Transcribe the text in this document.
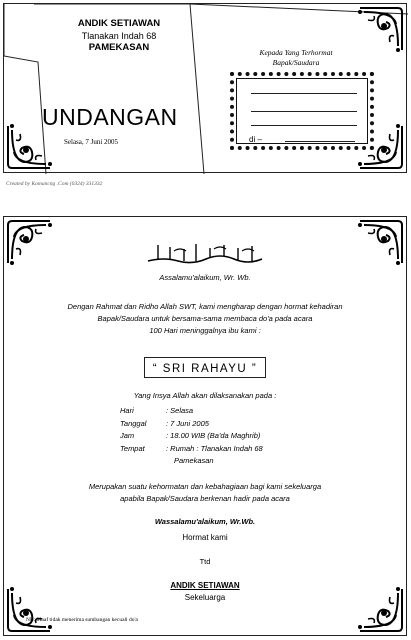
ANDIK SETIAWAN
Tlanakan Indah 68
PAMEKASAN
UNDANGAN
Selasa, 7 Juni 2005
Kepada Yang Terhormat
Bapak/Saudara
di –
Created by Komancng .Com (0324) 331332
Assalamu'alaikum, Wr. Wb.
Dengan Rahmat dan Ridho Allah SWT, kami mengharap dengan hormat kehadiran
Bapak/Saudara untuk bersama-sama membaca do'a pada acara
100 Hari meninggalnya ibu kami :
“ SRI RAHAYU ”
Yang Insya Allah akan dilaksanakan pada :
Hari	: Selasa
Tanggal	: 7 Juni 2005
Jam	: 18.00 WIB (Ba'da Maghrib)
Tempat	: Rumah : Tlanakan Indah 68
Pamekasan
Merupakan suatu kehormatan dan kebahagiaan bagi kami sekeluarga
apabila Bapak/Saudara berkenan hadir pada acara
Wassalamu'alaikum, Wr.Wb.
Hormat kami
Ttd
ANDIK SETIAWAN
Sekeluarga
NB: Maaf tidak menerima sumbangan kecuali do'a
